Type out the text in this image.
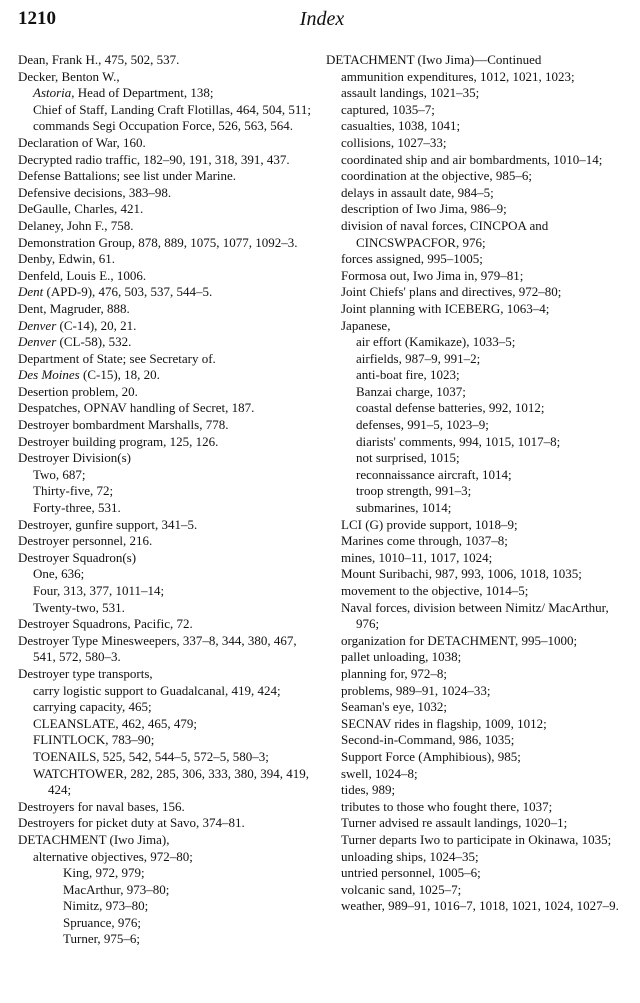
1210	Index
Dean, Frank H., 475, 502, 537.
Decker, Benton W.,
Astoria, Head of Department, 138;
Chief of Staff, Landing Craft Flotillas, 464, 504, 511;
commands Segi Occupation Force, 526, 563, 564.
Declaration of War, 160.
Decrypted radio traffic, 182–90, 191, 318, 391, 437.
Defense Battalions; see list under Marine.
Defensive decisions, 383–98.
DeGaulle, Charles, 421.
Delaney, John F., 758.
Demonstration Group, 878, 889, 1075, 1077, 1092–3.
Denby, Edwin, 61.
Denfeld, Louis E., 1006.
Dent (APD-9), 476, 503, 537, 544–5.
Dent, Magruder, 888.
Denver (C-14), 20, 21.
Denver (CL-58), 532.
Department of State; see Secretary of.
Des Moines (C-15), 18, 20.
Desertion problem, 20.
Despatches, OPNAV handling of Secret, 187.
Destroyer bombardment Marshalls, 778.
Destroyer building program, 125, 126.
Destroyer Division(s)
Two, 687;
Thirty-five, 72;
Forty-three, 531.
Destroyer, gunfire support, 341–5.
Destroyer personnel, 216.
Destroyer Squadron(s)
One, 636;
Four, 313, 377, 1011–14;
Twenty-two, 531.
Destroyer Squadrons, Pacific, 72.
Destroyer Type Minesweepers, 337–8, 344, 380, 467, 541, 572, 580–3.
Destroyer type transports,
carry logistic support to Guadalcanal, 419, 424;
carrying capacity, 465;
CLEANSLATE, 462, 465, 479;
FLINTLOCK, 783–90;
TOENAILS, 525, 542, 544–5, 572–5, 580–3;
WATCHTOWER, 282, 285, 306, 333, 380, 394, 419, 424;
Destroyers for naval bases, 156.
Destroyers for picket duty at Savo, 374–81.
DETACHMENT (Iwo Jima),
alternative objectives, 972–80;
King, 972, 979;
MacArthur, 973–80;
Nimitz, 973–80;
Spruance, 976;
Turner, 975–6;
DETACHMENT (Iwo Jima)—Continued
ammunition expenditures, 1012, 1021, 1023;
assault landings, 1021–35;
captured, 1035–7;
casualties, 1038, 1041;
collisions, 1027–33;
coordinated ship and air bombardments, 1010–14;
coordination at the objective, 985–6;
delays in assault date, 984–5;
description of Iwo Jima, 986–9;
division of naval forces, CINCPOA and CINCSWPACFOR, 976;
forces assigned, 995–1005;
Formosa out, Iwo Jima in, 979–81;
Joint Chiefs' plans and directives, 972–80;
Joint planning with ICEBERG, 1063–4;
Japanese,
air effort (Kamikaze), 1033–5;
airfields, 987–9, 991–2;
anti-boat fire, 1023;
Banzai charge, 1037;
coastal defense batteries, 992, 1012;
defenses, 991–5, 1023–9;
diarists' comments, 994, 1015, 1017–8;
not surprised, 1015;
reconnaissance aircraft, 1014;
troop strength, 991–3;
submarines, 1014;
LCI (G) provide support, 1018–9;
Marines come through, 1037–8;
mines, 1010–11, 1017, 1024;
Mount Suribachi, 987, 993, 1006, 1018, 1035;
movement to the objective, 1014–5;
Naval forces, division between Nimitz/ MacArthur, 976;
organization for DETACHMENT, 995–1000;
pallet unloading, 1038;
planning for, 972–8;
problems, 989–91, 1024–33;
Seaman's eye, 1032;
SECNAV rides in flagship, 1009, 1012;
Second-in-Command, 986, 1035;
Support Force (Amphibious), 985;
swell, 1024–8;
tides, 989;
tributes to those who fought there, 1037;
Turner advised re assault landings, 1020–1;
Turner departs Iwo to participate in Okinawa, 1035;
unloading ships, 1024–35;
untried personnel, 1005–6;
volcanic sand, 1025–7;
weather, 989–91, 1016–7, 1018, 1021, 1024, 1027–9.
